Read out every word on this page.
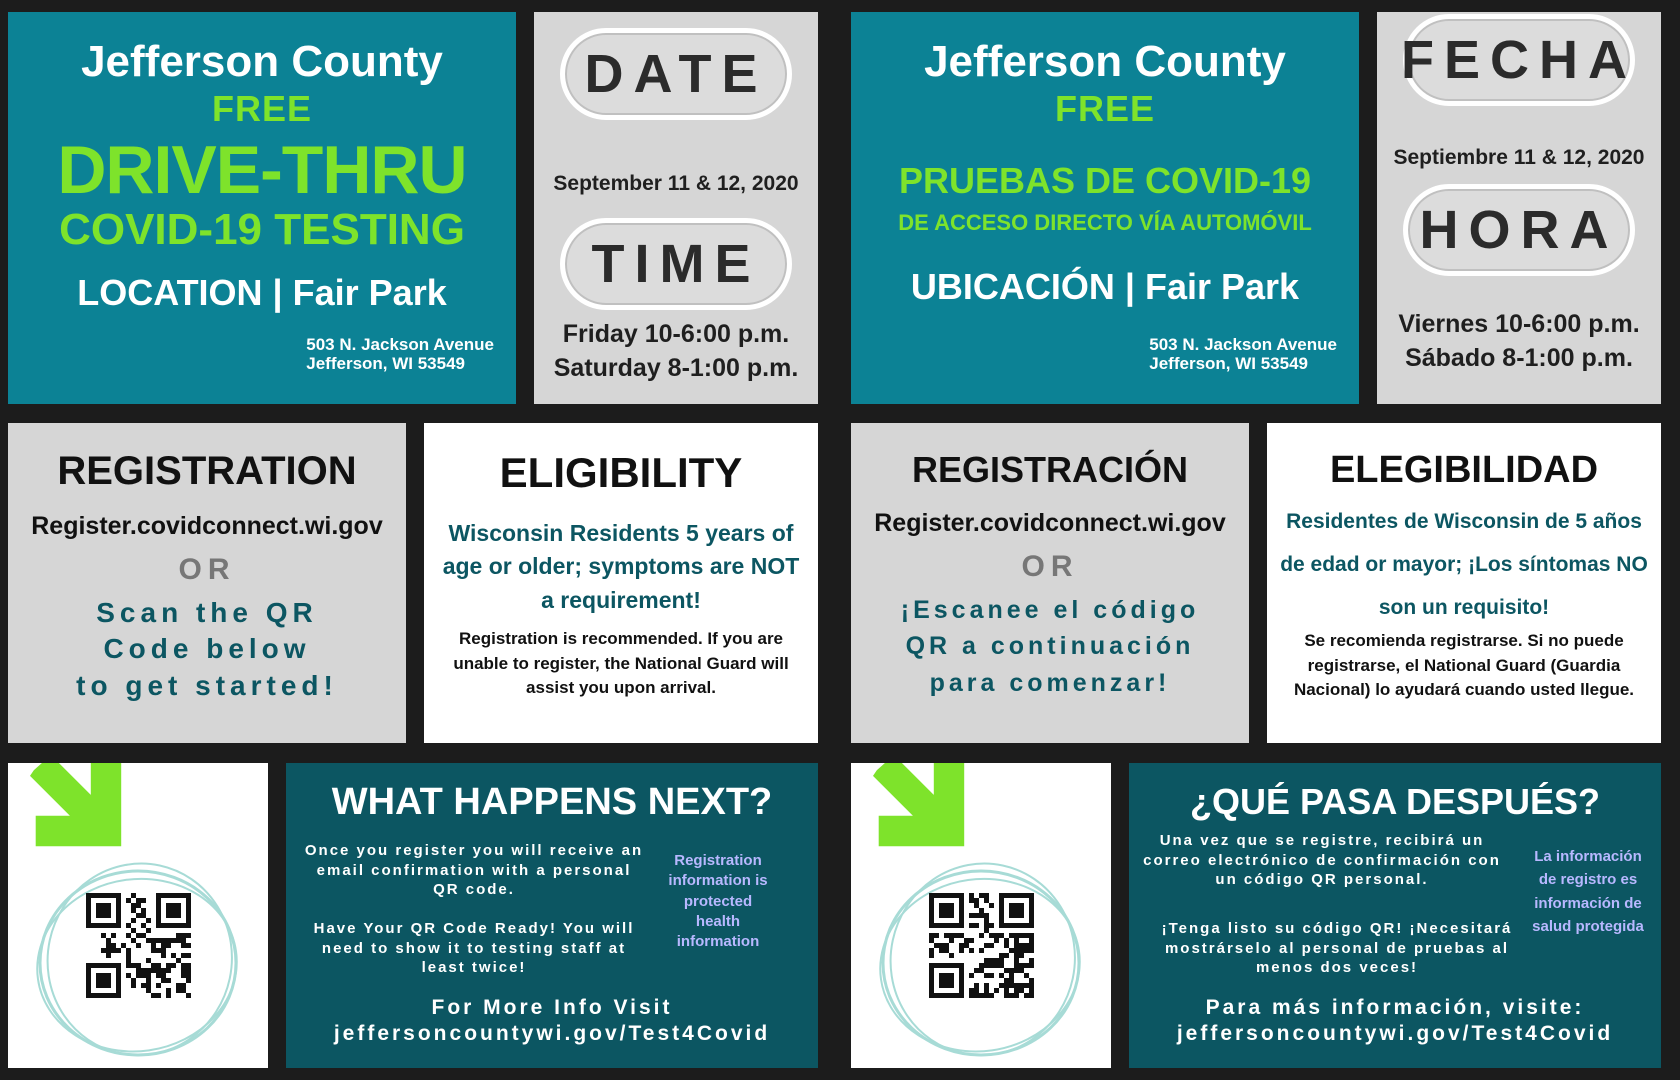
Jefferson County
FREE
DRIVE-THRU
COVID-19 TESTING
LOCATION | Fair Park
503 N. Jackson Avenue
Jefferson, WI 53549
DATE
September 11 & 12, 2020
TIME
Friday 10-6:00 p.m.
Saturday 8-1:00 p.m.
REGISTRATION
Register.covidconnect.wi.gov
OR
Scan the QR
Code below
to get started!
ELIGIBILITY
Wisconsin Residents 5 years of age or older; symptoms are NOT a requirement!
Registration is recommended. If you are unable to register, the National Guard will assist you upon arrival.
WHAT HAPPENS NEXT?
Once you register you will receive an email confirmation with a personal QR code.
Have Your QR Code Ready! You will need to show it to testing staff at least twice!
Registration information is protected health information
For More Info Visit
jeffersoncountywi.gov/Test4Covid
Jefferson County
FREE
PRUEBAS DE COVID-19
DE ACCESO DIRECTO VÍA AUTOMÓVIL
UBICACIÓN | Fair Park
503 N. Jackson Avenue
Jefferson, WI 53549
FECHA
Septiembre 11 & 12, 2020
HORA
Viernes 10-6:00 p.m.
Sábado 8-1:00 p.m.
REGISTRACIÓN
Register.covidconnect.wi.gov
OR
¡Escanee el código
QR a continuación
para comenzar!
ELEGIBILIDAD
Residentes de Wisconsin de 5 años de edad or mayor; ¡Los síntomas NO son un requisito!
Se recomienda registrarse. Si no puede registrarse, el National Guard (Guardia Nacional) lo ayudará cuando usted llegue.
¿QUÉ PASA DESPUÉS?
Una vez que se registre, recibirá un correo electrónico de confirmación con un código QR personal.
¡Tenga listo su código QR! ¡Necesitará mostrárselo al personal de pruebas al menos dos veces!
La información de registro es información de salud protegida
Para más información, visite:
jeffersoncountywi.gov/Test4Covid
